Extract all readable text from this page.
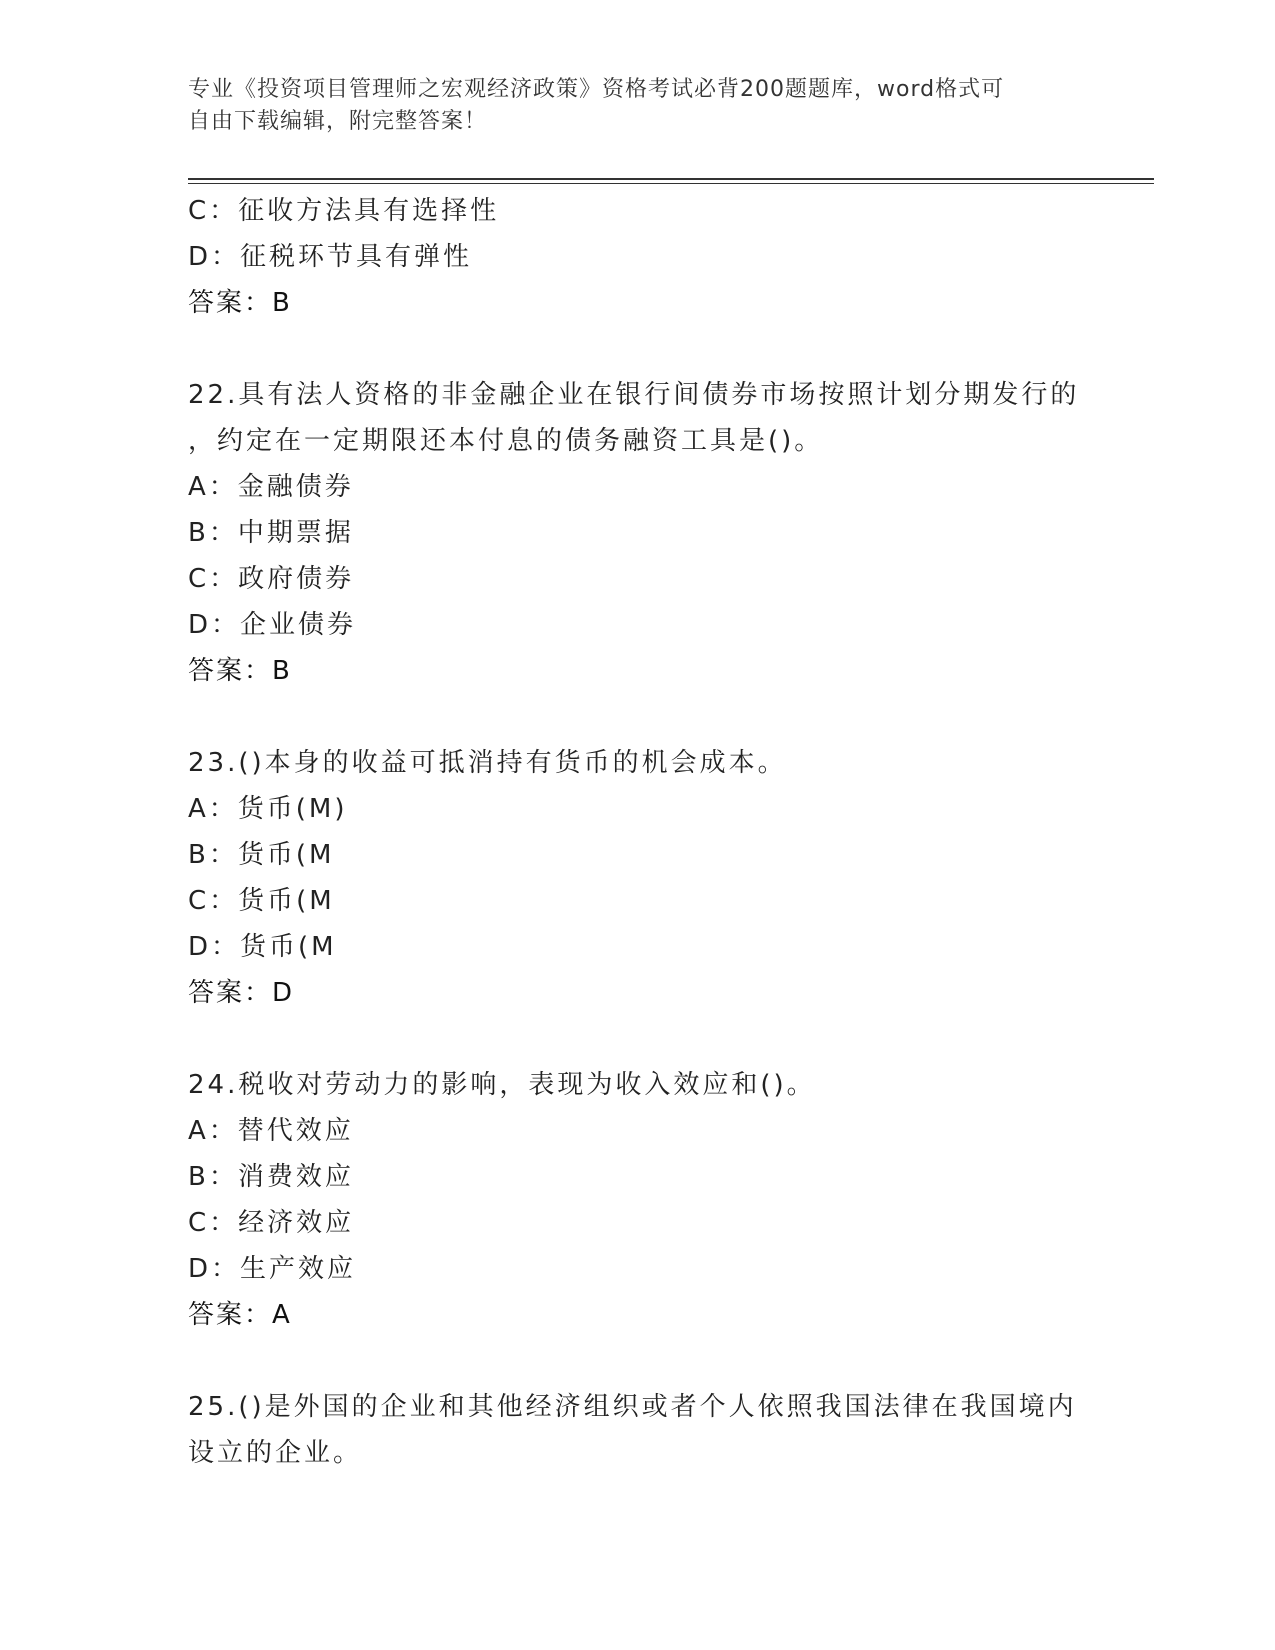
专业《投资项目管理师之宏观经济政策》资格考试必背200题题库，word格式可
自由下载编辑，附完整答案！
C：征收方法具有选择性
D：征税环节具有弹性
答案：B
22.具有法人资格的非金融企业在银行间债券市场按照计划分期发行的
，约定在一定期限还本付息的债务融资工具是()。
A：金融债券
B：中期票据
C：政府债券
D：企业债券
答案：B
23.()本身的收益可抵消持有货币的机会成本。
A：货币(M)
B：货币(M
C：货币(M
D：货币(M
答案：D
24.税收对劳动力的影响，表现为收入效应和()。
A：替代效应
B：消费效应
C：经济效应
D：生产效应
答案：A
25.()是外国的企业和其他经济组织或者个人依照我国法律在我国境内
设立的企业。
